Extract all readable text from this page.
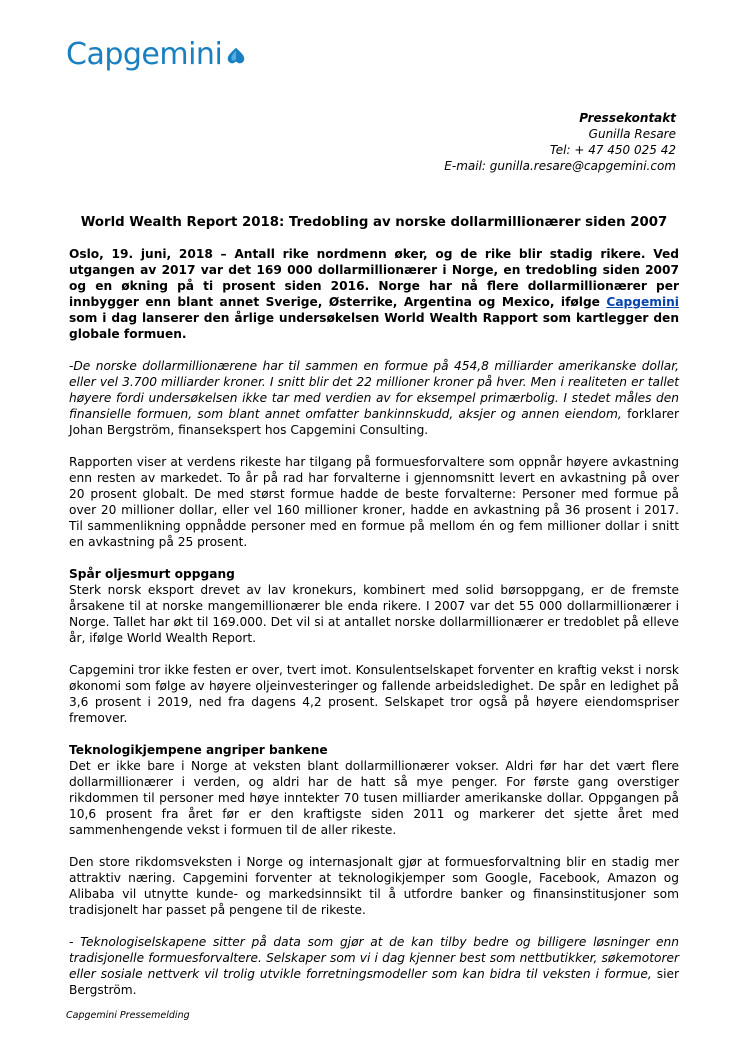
Capgemini
Pressekontakt
Gunilla Resare
Tel: + 47 450 025 42
E-mail: gunilla.resare@capgemini.com
World Wealth Report 2018: Tredobling av norske dollarmillionærer siden 2007

Oslo, 19. juni, 2018 – Antall rike nordmenn øker, og de rike blir stadig rikere. Ved utgangen av 2017 var det 169 000 dollarmillionærer i Norge, en tredobling siden 2007 og en økning på ti prosent siden 2016. Norge har nå flere dollarmillionærer per innbygger enn blant annet Sverige, Østerrike, Argentina og Mexico, ifølge Capgemini som i dag lanserer den årlige undersøkelsen World Wealth Rapport som kartlegger den globale formuen.

-De norske dollarmillionærene har til sammen en formue på 454,8 milliarder amerikanske dollar, eller vel 3.700 milliarder kroner. I snitt blir det 22 millioner kroner på hver. Men i realiteten er tallet høyere fordi undersøkelsen ikke tar med verdien av for eksempel primærbolig. I stedet måles den finansielle formuen, som blant annet omfatter bankinnskudd, aksjer og annen eiendom, forklarer Johan Bergström, finansekspert hos Capgemini Consulting.

Rapporten viser at verdens rikeste har tilgang på formuesforvaltere som oppnår høyere avkastning enn resten av markedet. To år på rad har forvalterne i gjennomsnitt levert en avkastning på over 20 prosent globalt. De med størst formue hadde de beste forvalterne: Personer med formue på over 20 millioner dollar, eller vel 160 millioner kroner, hadde en avkastning på 36 prosent i 2017. Til sammenlikning oppnådde personer med en formue på mellom én og fem millioner dollar i snitt en avkastning på 25 prosent.

Spår oljesmurt oppgang

Sterk norsk eksport drevet av lav kronekurs, kombinert med solid børsoppgang, er de fremste årsakene til at norske mangemillionærer ble enda rikere. I 2007 var det 55 000 dollarmillionærer i Norge. Tallet har økt til 169.000. Det vil si at antallet norske dollarmillionærer er tredoblet på elleve år, ifølge World Wealth Report.

Capgemini tror ikke festen er over, tvert imot. Konsulentselskapet forventer en kraftig vekst i norsk økonomi som følge av høyere oljeinvesteringer og fallende arbeidsledighet. De spår en ledighet på 3,6 prosent i 2019, ned fra dagens 4,2 prosent. Selskapet tror også på høyere eiendomspriser fremover.

Teknologikjempene angriper bankene

Det er ikke bare i Norge at veksten blant dollarmillionærer vokser. Aldri før har det vært flere dollarmillionærer i verden, og aldri har de hatt så mye penger. For første gang overstiger rikdommen til personer med høye inntekter 70 tusen milliarder amerikanske dollar. Oppgangen på 10,6 prosent fra året før er den kraftigste siden 2011 og markerer det sjette året med sammenhengende vekst i formuen til de aller rikeste.

Den store rikdomsveksten i Norge og internasjonalt gjør at formuesforvaltning blir en stadig mer attraktiv næring. Capgemini forventer at teknologikjemper som Google, Facebook, Amazon og Alibaba vil utnytte kunde- og markedsinnsikt til å utfordre banker og finansinstitusjoner som tradisjonelt har passet på pengene til de rikeste.

- Teknologiselskapene sitter på data som gjør at de kan tilby bedre og billigere løsninger enn tradisjonelle formuesforvaltere. Selskaper som vi i dag kjenner best som nettbutikker, søkemotorer eller sosiale nettverk vil trolig utvikle forretningsmodeller som kan bidra til veksten i formue, sier Bergström.

Capgemini Pressemelding
